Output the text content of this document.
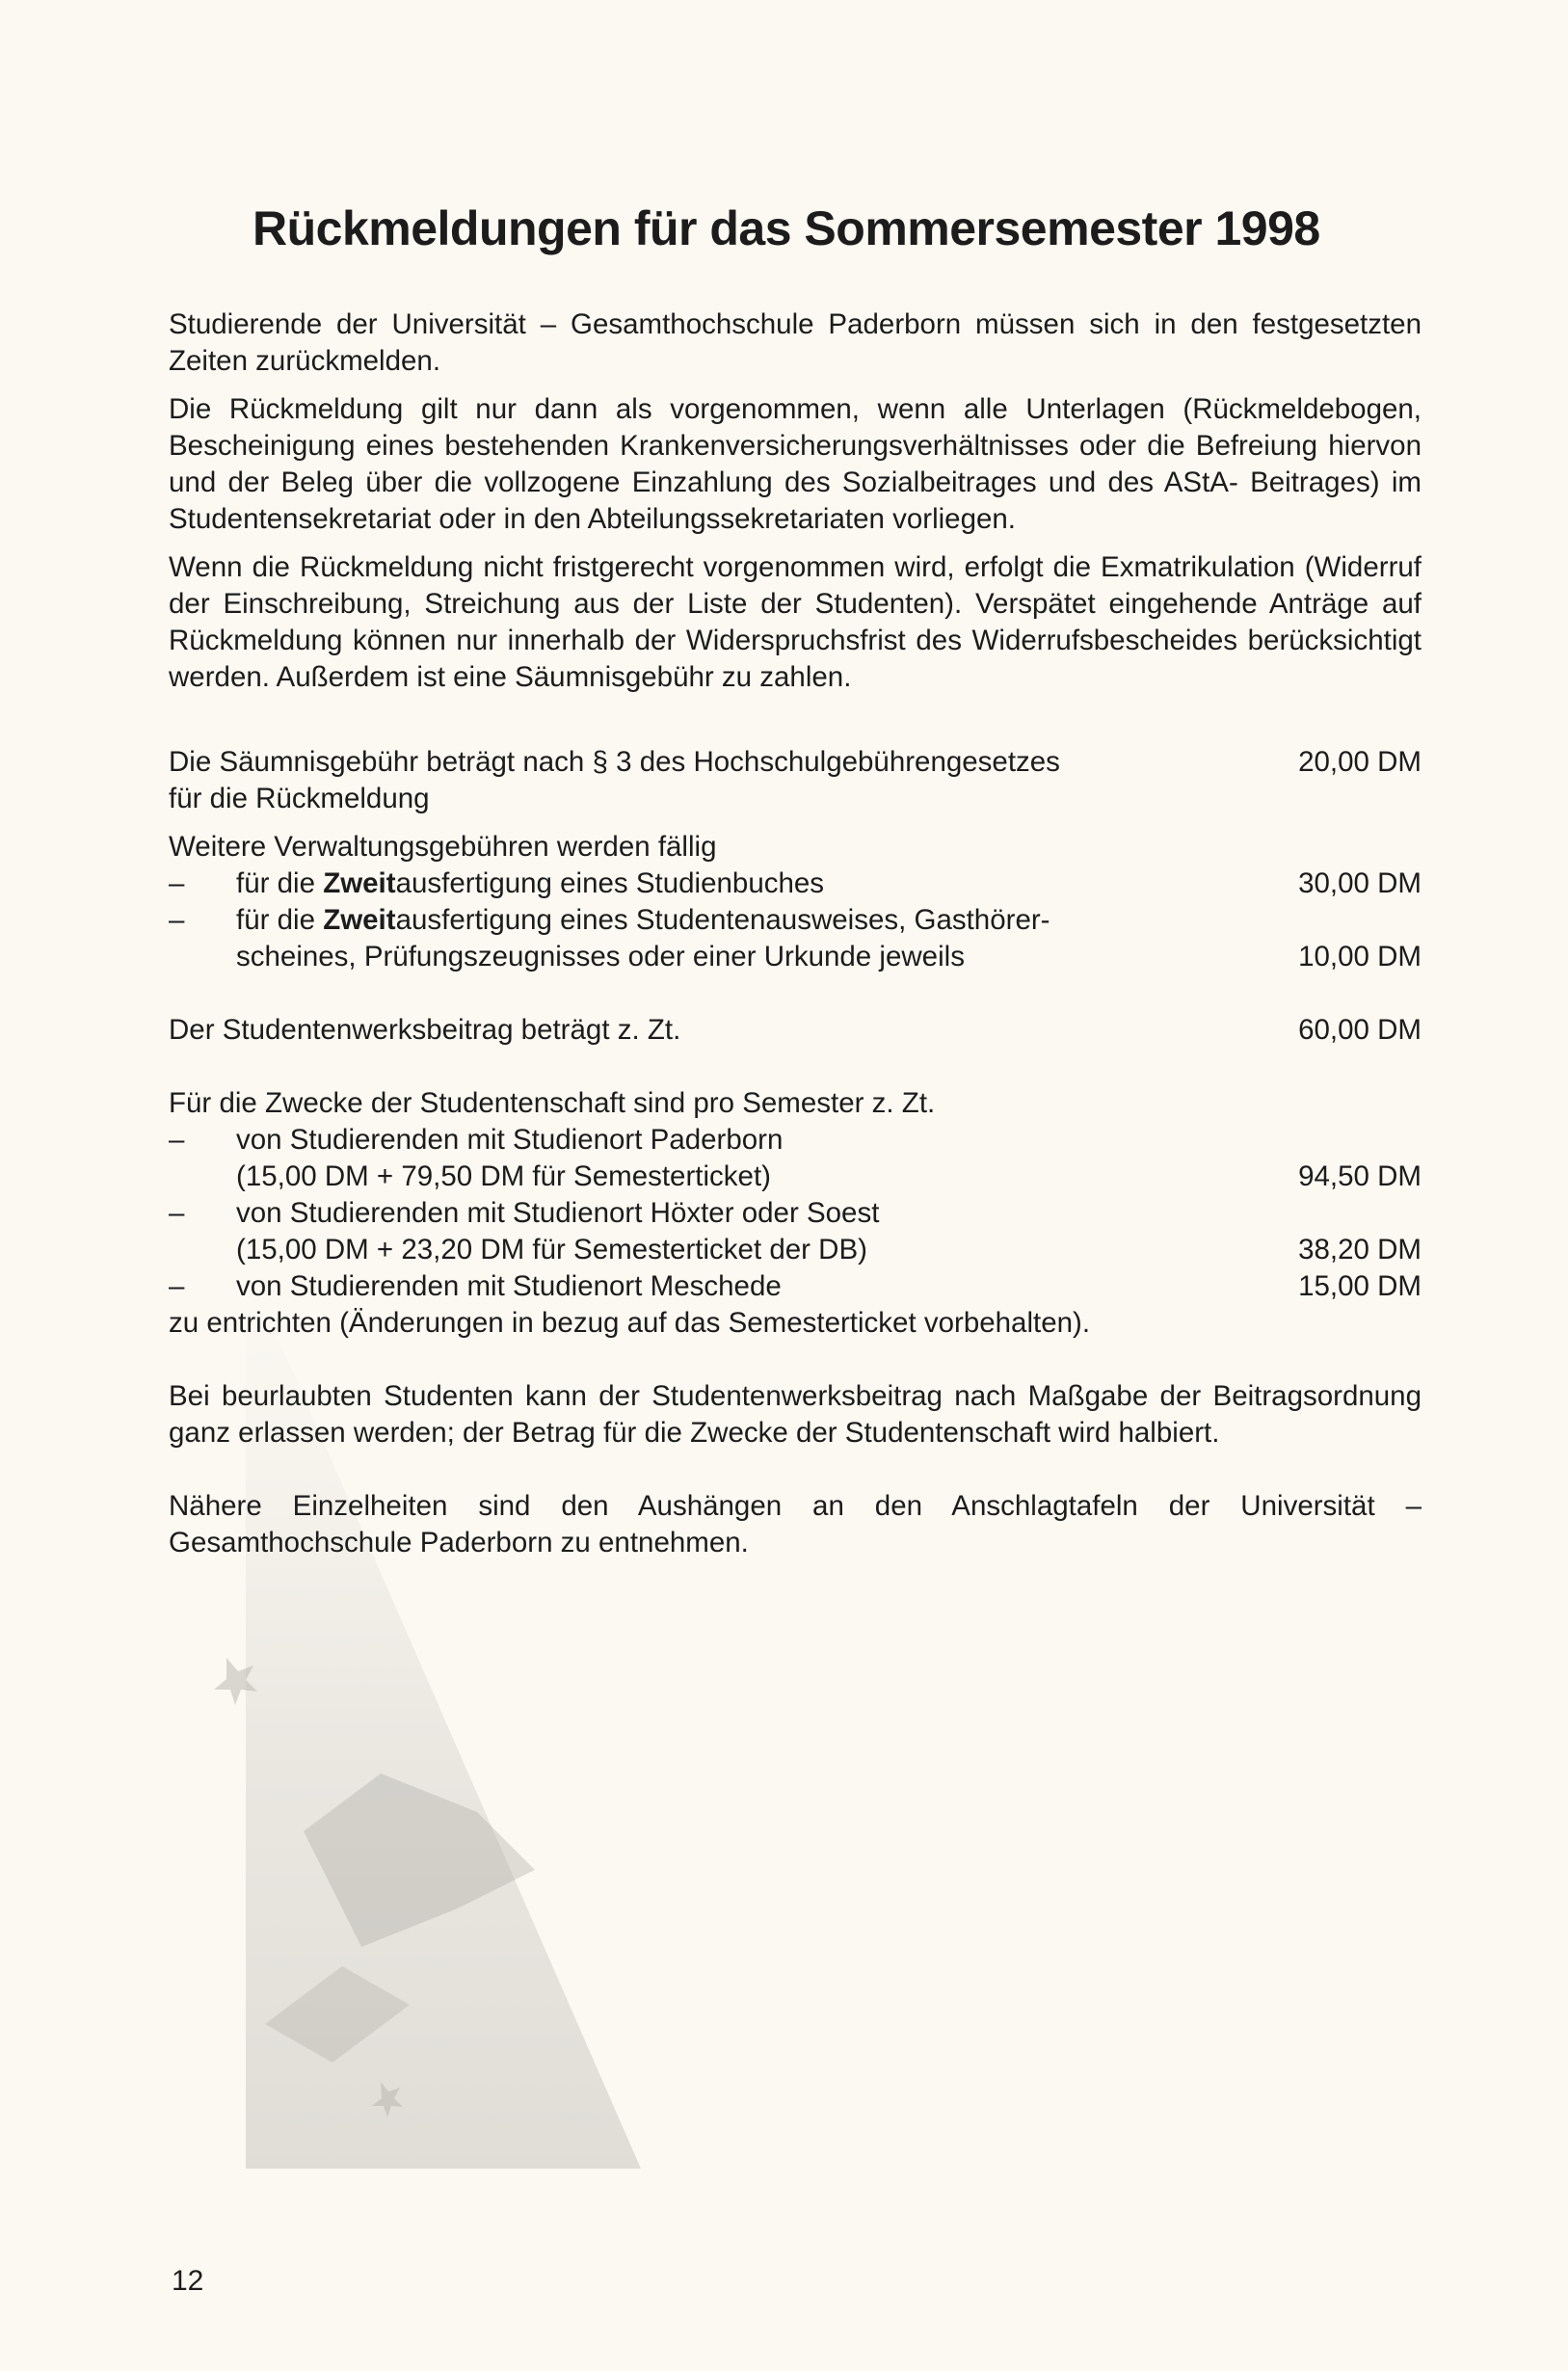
Rückmeldungen für das Sommersemester 1998

Studierende der Universität – Gesamthochschule Paderborn müssen sich in den festgesetzten Zeiten zurückmelden.

Die Rückmeldung gilt nur dann als vorgenommen, wenn alle Unterlagen (Rückmeldebogen, Bescheinigung eines bestehenden Krankenversicherungsverhältnisses oder die Befreiung hiervon und der Beleg über die vollzogene Einzahlung des Sozialbeitrages und des AStA- Beitrages) im Studentensekretariat oder in den Abteilungssekretariaten vorliegen.

Wenn die Rückmeldung nicht fristgerecht vorgenommen wird, erfolgt die Exmatrikulation (Widerruf der Einschreibung, Streichung aus der Liste der Studenten). Verspätet eingehende Anträge auf Rückmeldung können nur innerhalb der Widerspruchsfrist des Widerrufsbescheides berücksichtigt werden. Außerdem ist eine Säumnisgebühr zu zahlen.

Die Säumnisgebühr beträgt nach § 3 des Hochschulgebührengesetzes	20,00 DM
für die Rückmeldung
Weitere Verwaltungsgebühren werden fällig
–	für die Zweitausfertigung eines Studienbuches	30,00 DM
–	für die Zweitausfertigung eines Studentenausweises, Gasthörer-
scheines, Prüfungszeugnisses oder einer Urkunde jeweils	10,00 DM
Der Studentenwerksbeitrag beträgt z. Zt.	60,00 DM
Für die Zwecke der Studentenschaft sind pro Semester z. Zt.
–	von Studierenden mit Studienort Paderborn
(15,00 DM + 79,50 DM für Semesterticket)	94,50 DM
–	von Studierenden mit Studienort Höxter oder Soest
(15,00 DM + 23,20 DM für Semesterticket der DB)	38,20 DM
–	von Studierenden mit Studienort Meschede	15,00 DM
zu entrichten (Änderungen in bezug auf das Semesterticket vorbehalten).

Bei beurlaubten Studenten kann der Studentenwerksbeitrag nach Maßgabe der Beitragsordnung ganz erlassen werden; der Betrag für die Zwecke der Studentenschaft wird halbiert.

Nähere Einzelheiten sind den Aushängen an den Anschlagtafeln der Universität – Gesamthochschule Paderborn zu entnehmen.

12
